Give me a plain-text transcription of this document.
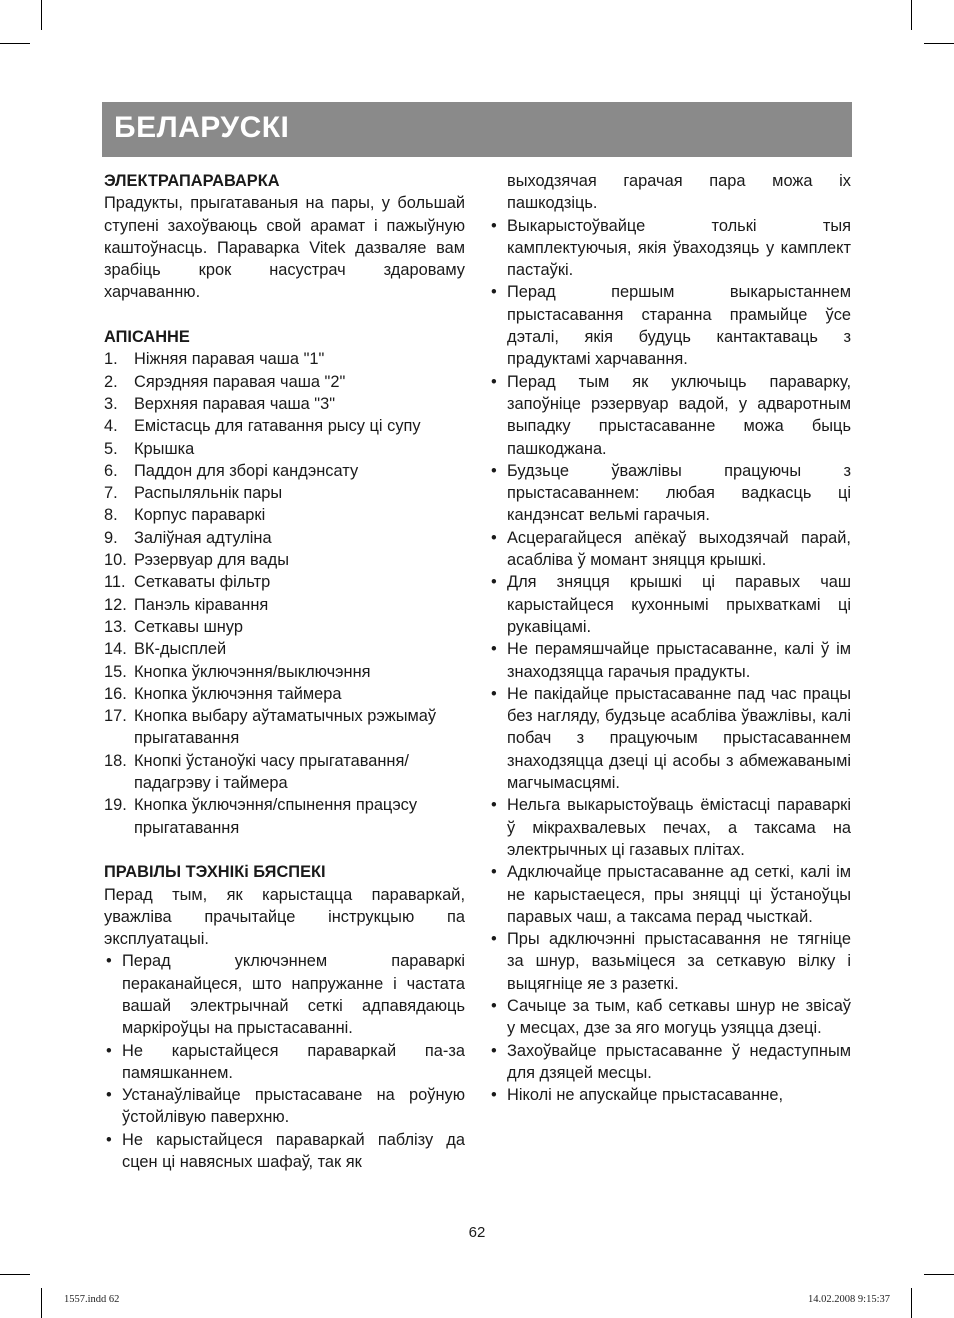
БЕЛАРУСКІ
ЭЛЕКТРАПАРАВАРКА
Прадукты, прыгатаваныя на пары, у большай ступені захоўваюць свой арамат і пажыўную каштоўнасць. Параварка Vitek дазваляе вам зрабіць крок насустрач здароваму харчаванню.
АПІСАННЕ
1. Ніжняя паравая чаша "1"
2. Сярэдняя паравая чаша "2"
3. Верхняя паравая чаша "3"
4. Емістасць для гатавання рысу ці супу
5. Крышка
6. Паддон для зборі кандэнсату
7. Распыляльнік пары
8. Корпус параваркі
9. Заліўная адтуліна
10. Рэзервуар для вады
11. Сеткаваты фільтр
12. Панэль кіравання
13. Сеткавы шнур
14. ВК-дысплей
15. Кнопка ўключэння/выключэння
16. Кнопка ўключэння таймера
17. Кнопка выбару аўтаматычных рэжымаў прыгатавання
18. Кнопкі ўстаноўкі часу прыгатавання/падагрэву і таймера
19. Кнопка ўключэння/спынення працэсу прыгатавання
ПРАВІЛЫ ТЭХНІКі БЯСПЕКІ
Перад тым, як карыстацца параваркай, уважліва прачытайце інструкцыю па эксплуатацыі.
• Перад уключэннем параваркі пераканайцеся, што напружанне і частата вашай электрычнай сеткі адпавядаюць маркіроўцы на прыстасаванні.
• Не карыстайцеся параваркай па-за памяшканнем.
• Устанаўлівайце прыстасаване на роўную ўстойлівую паверхню.
• Не карыстайцеся параваркай паблізу да сцен ці навясных шафаў, так як
выходзячая гарачая пара можа іх пашкодзіць.
• Выкарыстоўвайце толькі тыя камплектуючыя, якія ўваходзяць у камплект пастаўкі.
• Перад першым выкарыстаннем прыстасавання старанна прамыйце ўсе дэталі, якія будуць кантактаваць з прадуктамі харчавання.
• Перад тым як уключыць параварку, запоўніце рэзервуар вадой, у адваротным выпадку прыстасаванне можа быць пашкоджана.
• Будзьце ўважлівы працуючы з прыстасаваннем: любая вадкасць ці кандэнсат вельмі гарачыя.
• Асцерагайцеся апёкаў выходзячай парай, асабліва ў момант зняцця крышкі.
• Для зняцця крышкі ці паравых чаш карыстайцеся кухоннымі прыхваткамі ці рукавіцамі.
• Не перамяшчайце прыстасаванне, калі ў ім знаходзяцца гарачыя прадукты.
• Не пакідайце прыстасаванне пад час працы без нагляду, будзьце асабліва ўважлівы, калі побач з працуючым прыстасаваннем знаходзяцца дзеці ці асобы з абмежаванымі магчымасцямі.
• Нельга выкарыстоўваць ёмістасці параваркі ў мікрахвалевых печах, а таксама на электрычных ці газавых плітах.
• Адключайце прыстасаванне ад сеткі, калі ім не карыстаецеся, пры зняцці ці ўстаноўцы паравых чаш, а таксама перад чысткай.
• Пры адключэнні прыстасавання не тягніце за шнур, вазьміцеся за сеткавую вілку і выцягніце яе з разеткі.
• Сачыце за тым, каб сеткавы шнур не звісаў у месцах, дзе за яго могуць узяцца дзеці.
• Захоўвайце прыстасаванне ў недаступным для дзяцей месцы.
• Ніколі не апускайце прыстасаванне,
62
1557.indd 62	14.02.2008 9:15:37
